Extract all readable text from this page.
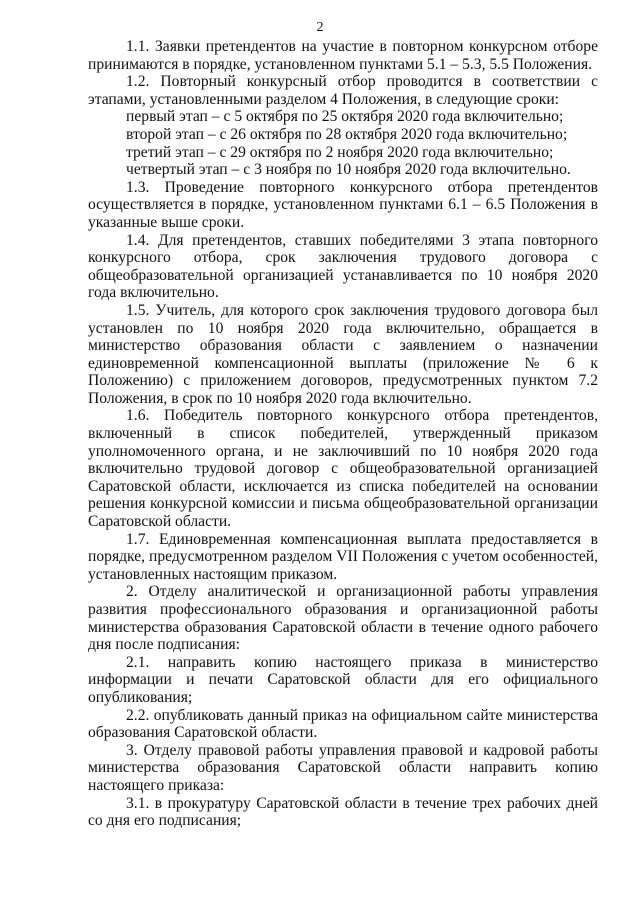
2

1.1. Заявки претендентов на участие в повторном конкурсном отборе принимаются в порядке, установленном пунктами 5.1 – 5.3, 5.5 Положения.

1.2. Повторный конкурсный отбор проводится в соответствии с этапами, установленными разделом 4 Положения, в следующие сроки:

первый этап – с 5 октября по 25 октября 2020 года включительно;

второй этап – с 26 октября по 28 октября 2020 года включительно;

третий этап – с 29 октября по 2 ноября 2020 года включительно;

четвертый этап – с 3 ноября по 10 ноября 2020 года включительно.

1.3. Проведение повторного конкурсного отбора претендентов осуществляется в порядке, установленном пунктами 6.1 – 6.5 Положения в указанные выше сроки.

1.4. Для претендентов, ставших победителями 3 этапа повторного конкурсного отбора, срок заключения трудового договора с общеобразовательной организацией устанавливается по 10 ноября 2020 года включительно.

1.5. Учитель, для которого срок заключения трудового договора был установлен по 10 ноября 2020 года включительно, обращается в министерство образования области с заявлением о назначении единовременной компенсационной выплаты (приложение № 6 к Положению) с приложением договоров, предусмотренных пунктом 7.2 Положения, в срок по 10 ноября 2020 года включительно.

1.6. Победитель повторного конкурсного отбора претендентов, включенный в список победителей, утвержденный приказом уполномоченного органа, и не заключивший по 10 ноября 2020 года включительно трудовой договор с общеобразовательной организацией Саратовской области, исключается из списка победителей на основании решения конкурсной комиссии и письма общеобразовательной организации Саратовской области.

1.7. Единовременная компенсационная выплата предоставляется в порядке, предусмотренном разделом VII Положения с учетом особенностей, установленных настоящим приказом.

2. Отделу аналитической и организационной работы управления развития профессионального образования и организационной работы министерства образования Саратовской области в течение одного рабочего дня после подписания:

2.1. направить копию настоящего приказа в министерство информации и печати Саратовской области для его официального опубликования;

2.2. опубликовать данный приказ на официальном сайте министерства образования Саратовской области.

3. Отделу правовой работы управления правовой и кадровой работы министерства образования Саратовской области направить копию настоящего приказа:

3.1. в прокуратуру Саратовской области в течение трех рабочих дней со дня его подписания;
